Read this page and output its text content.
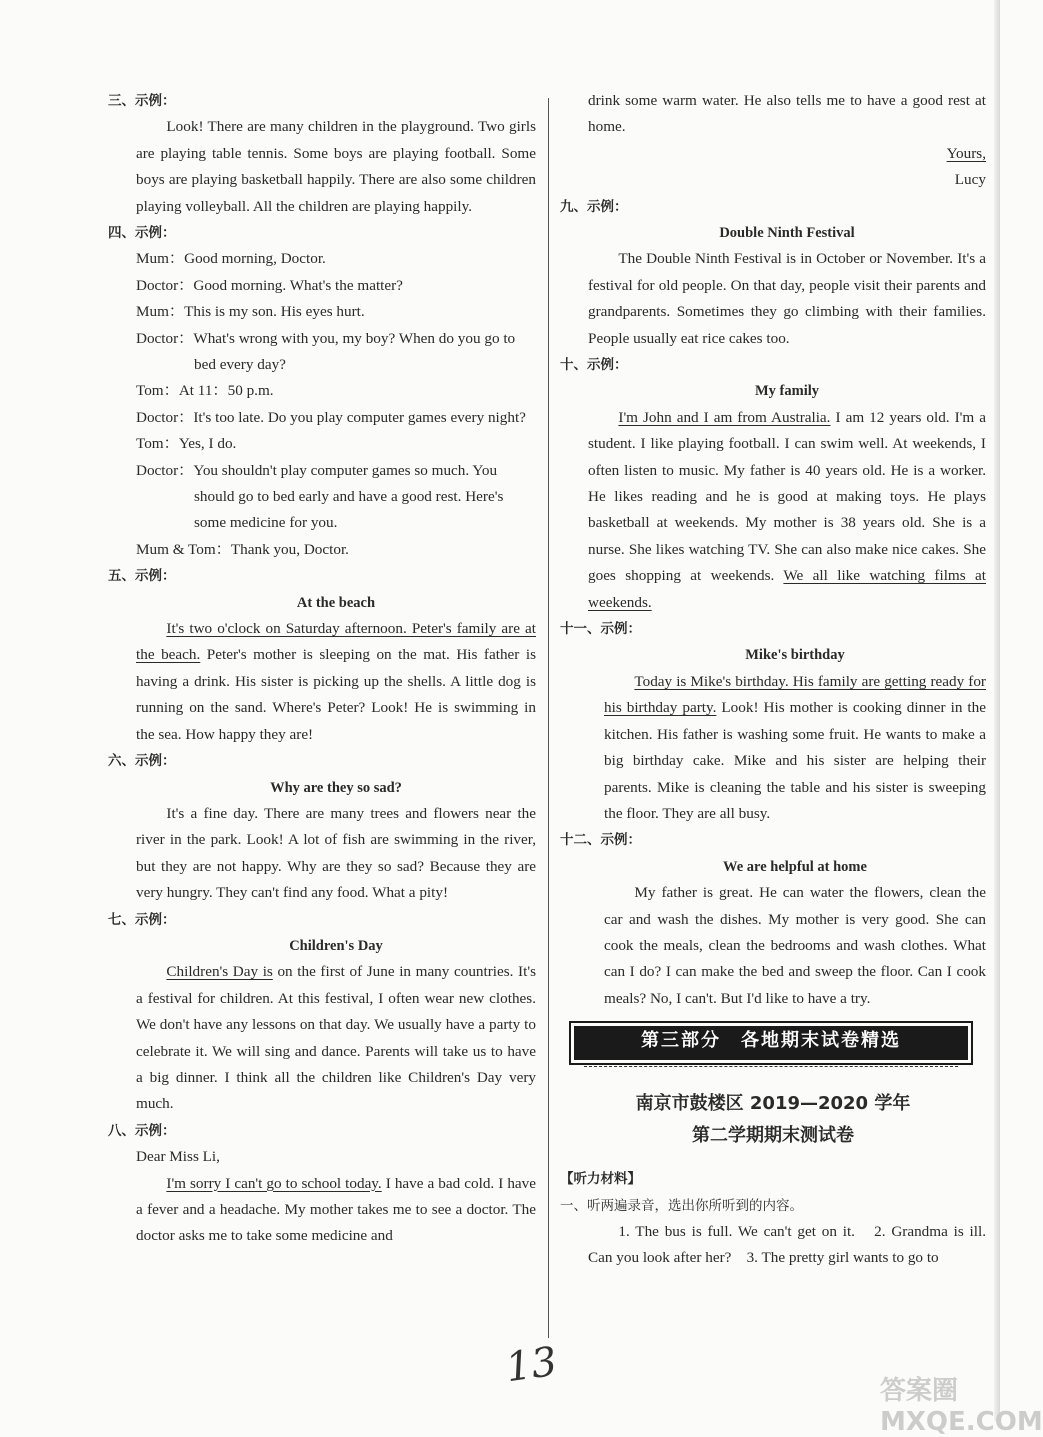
三、示例：

Look! There are many children in the playground. Two girls are playing table tennis. Some boys are playing football. Some boys are playing basketball happily. There are also some children playing volleyball. All the children are playing happily.

四、示例：

Mum：Good morning, Doctor.

Doctor：Good morning. What's the matter?

Mum：This is my son. His eyes hurt.

Doctor：What's wrong with you, my boy? When do you go to bed every day?

Tom：At 11：50 p.m.

Doctor：It's too late. Do you play computer games every night?

Tom：Yes, I do.

Doctor：You shouldn't play computer games so much. You should go to bed early and have a good rest. Here's some medicine for you.

Mum & Tom：Thank you, Doctor.

五、示例：

At the beach

It's two o'clock on Saturday afternoon. Peter's family are at the beach. Peter's mother is sleeping on the mat. His father is having a drink. His sister is picking up the shells. A little dog is running on the sand. Where's Peter? Look! He is swimming in the sea. How happy they are!

六、示例：

Why are they so sad?

It's a fine day. There are many trees and flowers near the river in the park. Look! A lot of fish are swimming in the river, but they are not happy. Why are they so sad? Because they are very hungry. They can't find any food. What a pity!

七、示例：

Children's Day

Children's Day is on the first of June in many countries. It's a festival for children. At this festival, I often wear new clothes. We don't have any lessons on that day. We usually have a party to celebrate it. We will sing and dance. Parents will take us to have a big dinner. I think all the children like Children's Day very much.

八、示例：

Dear Miss Li,

I'm sorry I can't go to school today. I have a bad cold. I have a fever and a headache. My mother takes me to see a doctor. The doctor asks me to take some medicine and

drink some warm water. He also tells me to have a good rest at home.

Yours,

Lucy

九、示例：

Double Ninth Festival

The Double Ninth Festival is in October or November. It's a festival for old people. On that day, people visit their parents and grandparents. Sometimes they go climbing with their families. People usually eat rice cakes too.

十、示例：

My family

I'm John and I am from Australia. I am 12 years old. I'm a student. I like playing football. I can swim well. At weekends, I often listen to music. My father is 40 years old. He is a worker. He likes reading and he is good at making toys. He plays basketball at weekends. My mother is 38 years old. She is a nurse. She likes watching TV. She can also make nice cakes. She goes shopping at weekends. We all like watching films at weekends.

十一、示例：

Mike's birthday

Today is Mike's birthday. His family are getting ready for his birthday party. Look! His mother is cooking dinner in the kitchen. His father is washing some fruit. He wants to make a big birthday cake. Mike and his sister are helping their parents. Mike is cleaning the table and his sister is sweeping the floor. They are all busy.

十二、示例：

We are helpful at home

My father is great. He can water the flowers, clean the car and wash the dishes. My mother is very good. She can cook the meals, clean the bedrooms and wash clothes. What can I do? I can make the bed and sweep the floor. Can I cook meals? No, I can't. But I'd like to have a try.

第三部分　各地期末试卷精选

南京市鼓楼区 2019—2020 学年

第二学期期末测试卷

【听力材料】
一、听两遍录音，选出你所听到的内容。

1. The bus is full. We can't get on it.　2. Grandma is ill. Can you look after her?　3. The pretty girl wants to go to

13	答案圈 MXQE.COM
